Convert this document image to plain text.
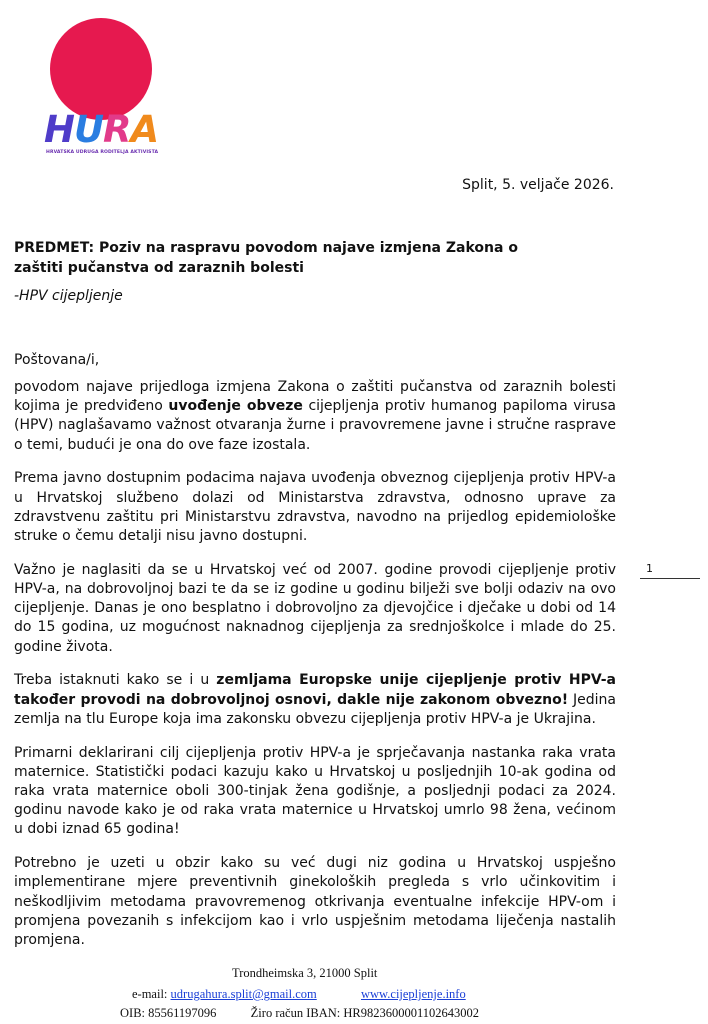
HURA
HRVATSKA UDRUGA RODITELJA AKTIVISTA
Split, 5. veljače 2026.
PREDMET: Poziv na raspravu povodom najave izmjena Zakona o zaštiti pučanstva od zaraznih bolesti
-HPV cijepljenje
Poštovana/i,

povodom najave prijedloga izmjena Zakona o zaštiti pučanstva od zaraznih bolesti kojima je predviđeno uvođenje obveze cijepljenja protiv humanog papiloma virusa (HPV) naglašavamo važnost otvaranja žurne i pravovremene javne i stručne rasprave o temi, budući je ona do ove faze izostala.

Prema javno dostupnim podacima najava uvođenja obveznog cijepljenja protiv HPV-a u Hrvatskoj službeno dolazi od Ministarstva zdravstva, odnosno uprave za zdravstvenu zaštitu pri Ministarstvu zdravstva, navodno na prijedlog epidemiološke struke o čemu detalji nisu javno dostupni.

Važno je naglasiti da se u Hrvatskoj već od 2007. godine provodi cijepljenje protiv HPV-a, na dobrovoljnoj bazi te da se iz godine u godinu bilježi sve bolji odaziv na ovo cijepljenje. Danas je ono besplatno i dobrovoljno za djevojčice i dječake u dobi od 14 do 15 godina, uz mogućnost naknadnog cijepljenja za srednjoškolce i mlade do 25. godine života.

Treba istaknuti kako se i u zemljama Europske unije cijepljenje protiv HPV-a također provodi na dobrovoljnoj osnovi, dakle nije zakonom obvezno! Jedina zemlja na tlu Europe koja ima zakonsku obvezu cijepljenja protiv HPV-a je Ukrajina.

Primarni deklarirani cilj cijepljenja protiv HPV-a je sprječavanja nastanka raka vrata maternice. Statistički podaci kazuju kako u Hrvatskoj u posljednjih 10-ak godina od raka vrata maternice oboli 300-tinjak žena godišnje, a posljednji podaci za 2024. godinu navode kako je od raka vrata maternice u Hrvatskoj umrlo 98 žena, većinom u dobi iznad 65 godina!

Potrebno je uzeti u obzir kako su već dugi niz godina u Hrvatskoj uspješno implementirane mjere preventivnih ginekoloških pregleda s vrlo učinkovitim i neškodljivim metodama pravovremenog otkrivanja eventualne infekcije HPV-om i promjena povezanih s infekcijom kao i vrlo uspješnim metodama liječenja nastalih promjena.

1
Trondheimska 3, 21000 Split
e-mail: udrugahura.split@gmail.com	www.cijepljenje.info
OIB: 85561197096	Žiro račun IBAN: HR9823600001102643002
